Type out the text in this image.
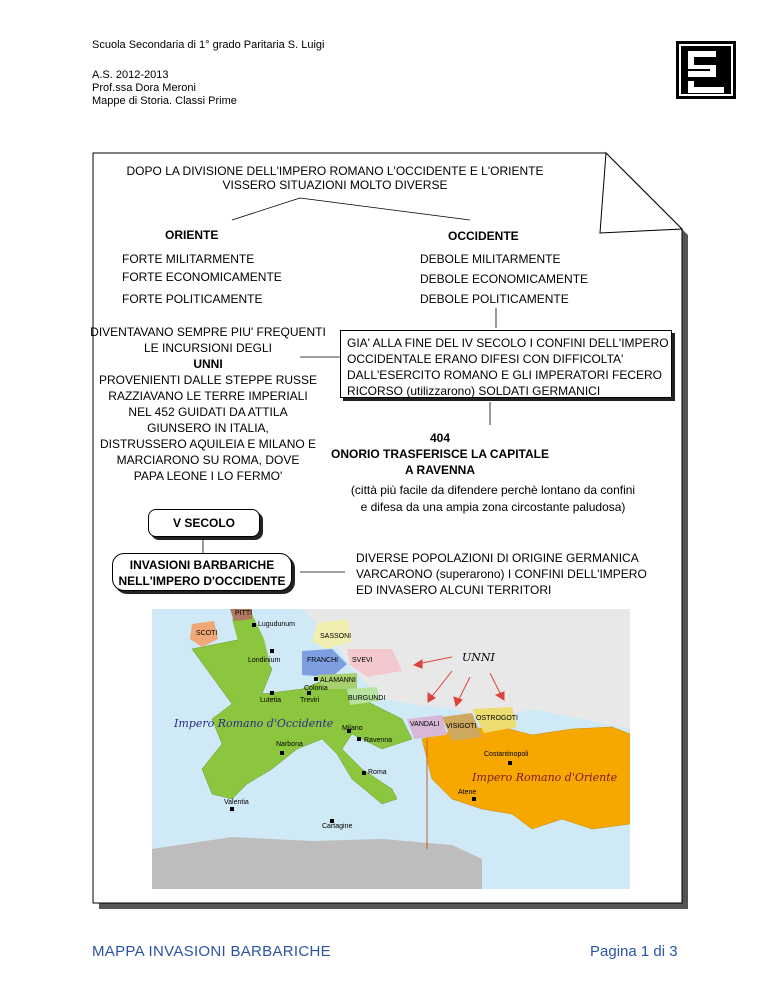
Scuola Secondaria di 1° grado Paritaria S. Luigi
A.S. 2012-2013
Prof.ssa Dora Meroni
Mappe di Storia. Classi Prime
DOPO LA DIVISIONE DELL'IMPERO ROMANO L'OCCIDENTE E L'ORIENTE
VISSERO SITUAZIONI MOLTO DIVERSE
ORIENTE
FORTE MILITARMENTE
FORTE ECONOMICAMENTE
FORTE POLITICAMENTE
OCCIDENTE
DEBOLE MILITARMENTE
DEBOLE ECONOMICAMENTE
DEBOLE POLITICAMENTE
DIVENTAVANO SEMPRE PIU' FREQUENTI
LE INCURSIONI DEGLI
UNNI
PROVENIENTI DALLE STEPPE RUSSE
RAZZIAVANO LE TERRE IMPERIALI
NEL 452 GUIDATI DA ATTILA
GIUNSERO IN ITALIA,
DISTRUSSERO AQUILEIA E MILANO E
MARCIARONO SU ROMA, DOVE
PAPA LEONE I LO FERMO'
GIA' ALLA FINE DEL IV SECOLO I CONFINI DELL'IMPERO
OCCIDENTALE ERANO DIFESI CON DIFFICOLTA'
DALL'ESERCITO ROMANO E GLI IMPERATORI FECERO
RICORSO (utilizzarono) SOLDATI GERMANICI
404
ONORIO TRASFERISCE LA CAPITALE
A RAVENNA
(città più facile da difendere perchè lontano da confini
e difesa da una ampia zona circostante paludosa)
V SECOLO
INVASIONI BARBARICHE
NELL'IMPERO D'OCCIDENTE
DIVERSE POPOLAZIONI DI ORIGINE GERMANICA
VARCARONO (superarono) I CONFINI DELL'IMPERO
ED INVASERO ALCUNI TERRITORI
PITTI
SCOTI
Lugudunum
SASSONI
Londinium	FRANCHI SVEVI
ALAMANNI
Colonia
Lutetia	Treviri	BURGUNDI
VANDALI VISIGOTI
OSTROGOTI
Milano
Ravenna
Narbona
Roma
Costantinopoli
Atene
Valentia
Cartagine
UNNI
Impero Romano d'Occidente
Impero Romano d'Oriente
MAPPA INVASIONI BARBARICHE	Pagina 1 di 3
